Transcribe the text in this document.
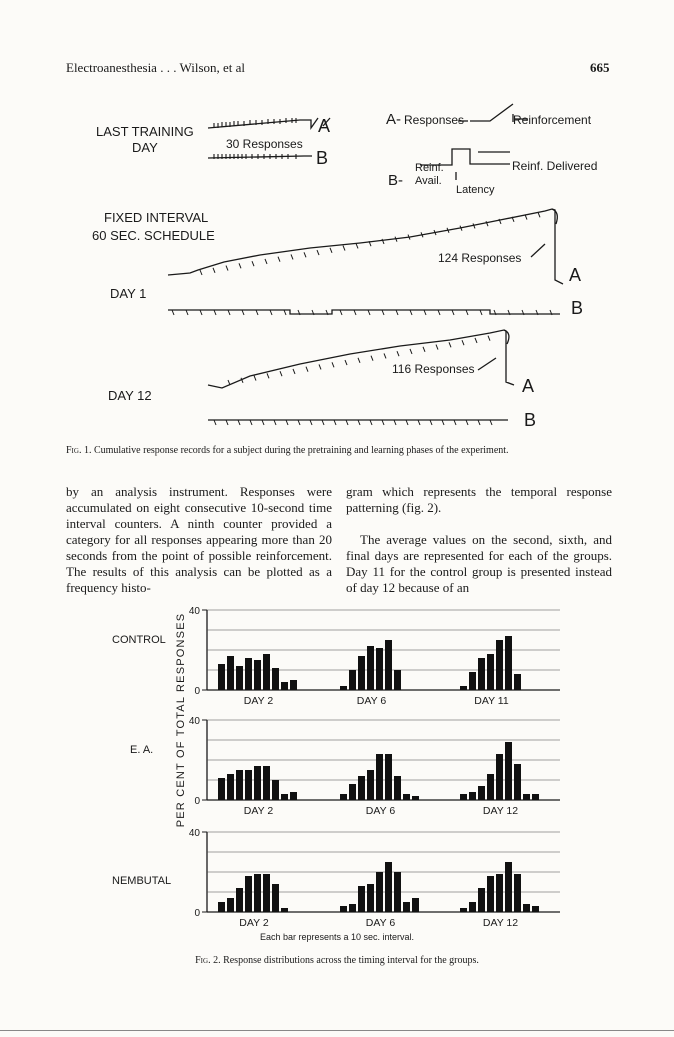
Electroanesthesia . . . Wilson, et al	665
LAST TRAINING
DAY	30 Responses
A
B
A- Responses	Reinforcement
B-
Reinf.
Avail.
Reinf. Delivered
Latency
FIXED INTERVAL
60 SEC. SCHEDULE
DAY 1
DAY 12
124 Responses
116 Responses
A
B
A
B
Fig. 1. Cumulative response records for a subject during the pretraining and learning phases of the experiment.

by an analysis instrument. Responses were accumulated on eight consecutive 10-second time interval counters. A ninth counter provided a category for all responses appearing more than 20 seconds from the point of possible reinforcement. The results of this analysis can be plotted as a frequency histo-

gram which represents the temporal response patterning (fig. 2).

The average values on the second, sixth, and final days are represented for each of the groups. Day 11 for the control group is presented instead of day 12 because of an

PER CENT OF TOTAL RESPONSES
CONTROL
40
0
DAY 2	DAY 6	DAY 11
E. A.
40
0
DAY 2	DAY 6	DAY 12
NEMBUTAL
40
0
DAY 2	DAY 6	DAY 12
Each bar represents a 10 sec. interval.
Fig. 2. Response distributions across the timing interval for the groups.
